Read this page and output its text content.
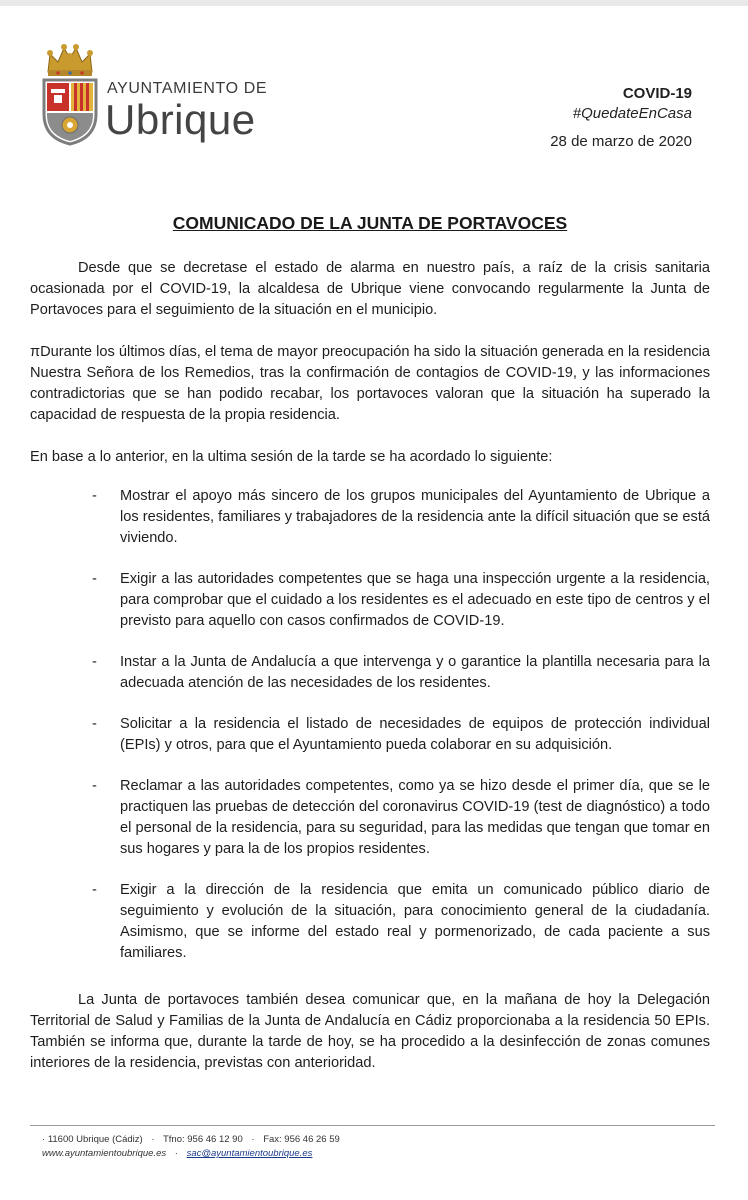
AYUNTAMIENTO DE
Ubrique
COVID-19
#QuedateEnCasa
28 de marzo de 2020
COMUNICADO DE LA JUNTA DE PORTAVOCES

Desde que se decretase el estado de alarma en nuestro país, a raíz de la crisis sanitaria ocasionada por el COVID-19, la alcaldesa de Ubrique viene convocando regularmente la Junta de Portavoces para el seguimiento de la situación en el municipio.

πDurante los últimos días, el tema de mayor preocupación ha sido la situación generada en la residencia Nuestra Señora de los Remedios, tras la confirmación de contagios de COVID-19, y las informaciones contradictorias que se han podido recabar, los portavoces valoran que la situación ha superado la capacidad de respuesta de la propia residencia.

En base a lo anterior, en la ultima sesión de la tarde se ha acordado lo siguiente:

- Mostrar el apoyo más sincero de los grupos municipales del Ayuntamiento de Ubrique a los residentes, familiares y trabajadores de la residencia ante la difícil situación que se está viviendo.
- Exigir a las autoridades competentes que se haga una inspección urgente a la residencia, para comprobar que el cuidado a los residentes es el adecuado en este tipo de centros y el previsto para aquello con casos confirmados de COVID-19.
- Instar a la Junta de Andalucía a que intervenga y o garantice la plantilla necesaria para la adecuada atención de las necesidades de los residentes.
- Solicitar a la residencia el listado de necesidades de equipos de protección individual (EPIs) y otros, para que el Ayuntamiento pueda colaborar en su adquisición.
- Reclamar a las autoridades competentes, como ya se hizo desde el primer día, que se le practiquen las pruebas de detección del coronavirus COVID-19 (test de diagnóstico) a todo el personal de la residencia, para su seguridad, para las medidas que tengan que tomar en sus hogares y para la de los propios residentes.
- Exigir a la dirección de la residencia que emita un comunicado público diario de seguimiento y evolución de la situación, para conocimiento general de la ciudadanía. Asimismo, que se informe del estado real y pormenorizado, de cada paciente a sus familiares.

La Junta de portavoces también desea comunicar que, en la mañana de hoy la Delegación Territorial de Salud y Familias de la Junta de Andalucía en Cádiz proporcionaba a la residencia 50 EPIs. También se informa que, durante la tarde de hoy, se ha procedido a la desinfección de zonas comunes interiores de la residencia, previstas con anterioridad.

· 11600 Ubrique (Cádiz) · Tfno: 956 46 12 90 · Fax: 956 46 26 59
www.ayuntamientoubrique.es · sac@ayuntamientoubrique.es
